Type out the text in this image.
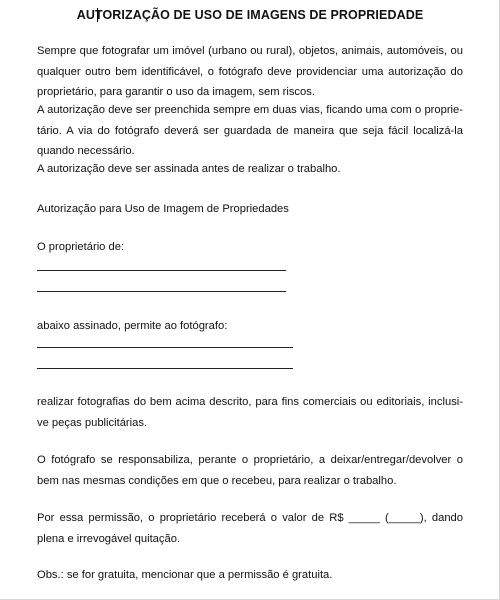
AUTORIZAÇÃO DE USO DE IMAGENS DE PROPRIEDADE
Sempre que fotografar um imóvel (urbano ou rural), objetos, animais, automóveis, ou qualquer outro bem identificável, o fotógrafo deve providenciar uma autorização do proprietário, para garantir o uso da imagem, sem riscos.
A autorização deve ser preenchida sempre em duas vias, ficando uma com o proprie-tário. A via do fotógrafo deverá ser guardada de maneira que seja fácil localizá-la quando necessário.
A autorização deve ser assinada antes de realizar o trabalho.
Autorização para Uso de Imagem de Propriedades
O proprietário de:
abaixo assinado, permite ao fotógrafo:
realizar fotografias do bem acima descrito, para fins comerciais ou editoriais, inclusi-ve peças publicitárias.
O fotógrafo se responsabiliza, perante o proprietário, a deixar/entregar/devolver o bem nas mesmas condições em que o recebeu, para realizar o trabalho.
Por essa permissão, o proprietário receberá o valor de R$ _____ (_____), dando plena e irrevogável quitação.
Obs.: se for gratuita, mencionar que a permissão é gratuita.
